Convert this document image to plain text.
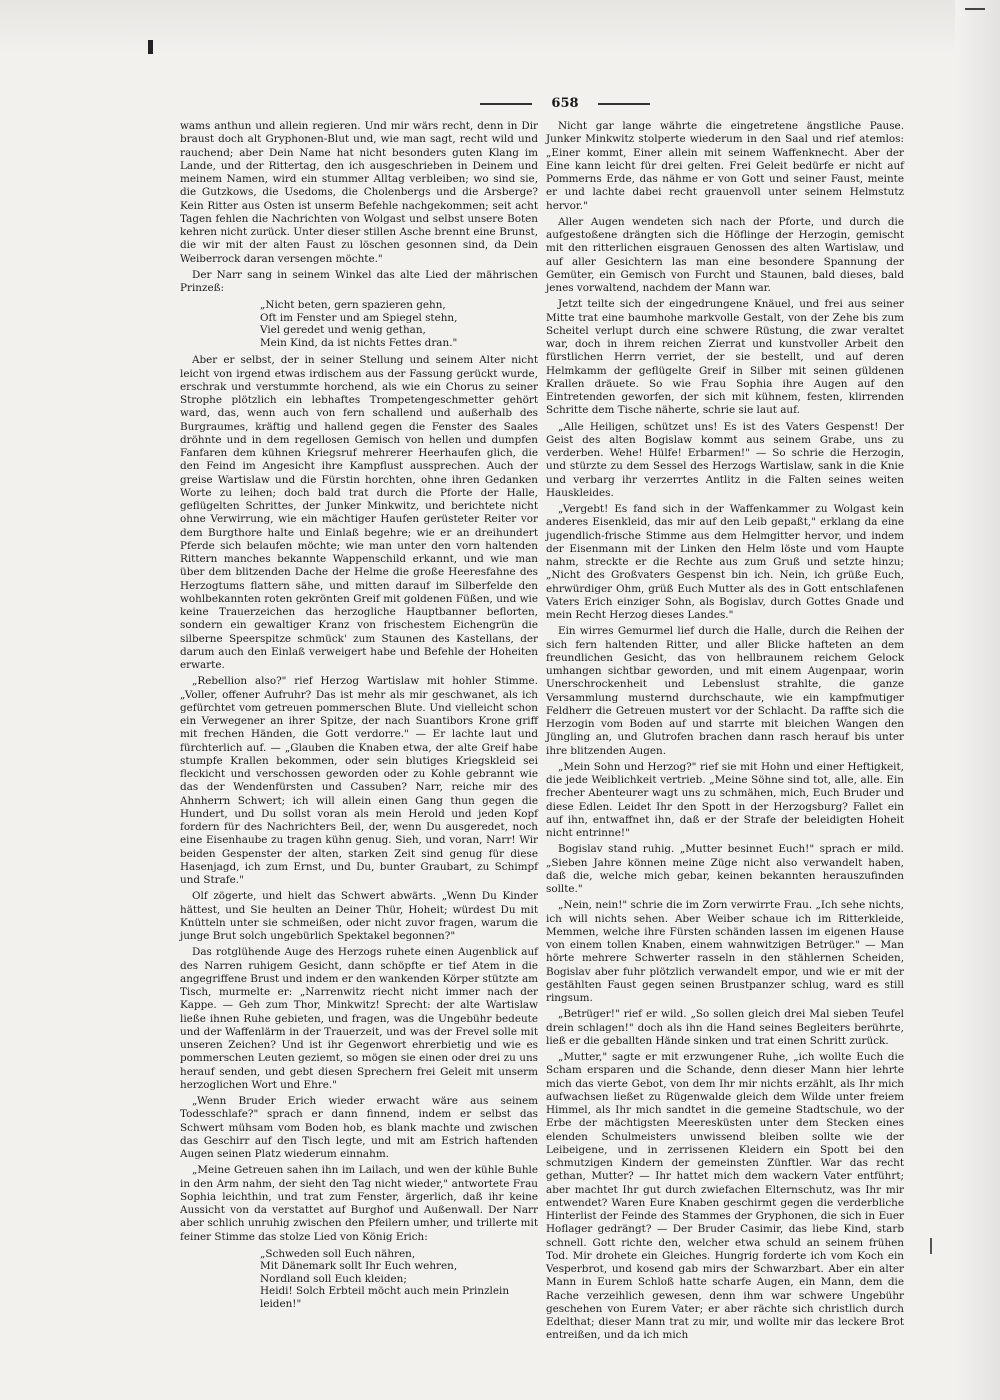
658

wams anthun und allein regieren. Und mir wärs recht, denn in Dir braust doch alt Gryphonen-Blut und, wie man sagt, recht wild und rauchend; aber Dein Name hat nicht besonders guten Klang im Lande, und der Rittertag, den ich ausgeschrieben in Deinem und meinem Namen, wird ein stummer Alltag verbleiben; wo sind sie, die Gutzkows, die Usedoms, die Cholenbergs und die Arsberge? Kein Ritter aus Osten ist unserm Befehle nachgekommen; seit acht Tagen fehlen die Nachrichten von Wolgast und selbst unsere Boten kehren nicht zurück. Unter dieser stillen Asche brennt eine Brunst, die wir mit der alten Faust zu löschen gesonnen sind, da Dein Weiberrock daran versengen möchte."

Der Narr sang in seinem Winkel das alte Lied der mährischen Prinzeß:

„Nicht beten, gern spazieren gehn,
Oft im Fenster und am Spiegel stehn,
Viel geredet und wenig gethan,
Mein Kind, da ist nichts Fettes dran."

Aber er selbst, der in seiner Stellung und seinem Alter nicht leicht von irgend etwas irdischem aus der Fassung gerückt wurde, erschrak und verstummte horchend, als wie ein Chorus zu seiner Strophe plötzlich ein lebhaftes Trompetengeschmetter gehört ward, das, wenn auch von fern schallend und außerhalb des Burgraumes, kräftig und hallend gegen die Fenster des Saales dröhnte und in dem regellosen Gemisch von hellen und dumpfen Fanfaren dem kühnen Kriegsruf mehrerer Heerhaufen glich, die den Feind im Angesicht ihre Kampflust aussprechen. Auch der greise Wartislaw und die Fürstin horchten, ohne ihren Gedanken Worte zu leihen; doch bald trat durch die Pforte der Halle, geflügelten Schrittes, der Junker Minkwitz, und berichtete nicht ohne Verwirrung, wie ein mächtiger Haufen gerüsteter Reiter vor dem Burgthore halte und Einlaß begehre; wie er an dreihundert Pferde sich belaufen möchte; wie man unter den vorn haltenden Rittern manches bekannte Wappenschild erkannt, und wie man über dem blitzenden Dache der Helme die große Heeresfahne des Herzogtums flattern sähe, und mitten darauf im Silberfelde den wohlbekannten roten gekrönten Greif mit goldenen Füßen, und wie keine Trauerzeichen das herzogliche Hauptbanner beflorten, sondern ein gewaltiger Kranz von frischestem Eichengrün die silberne Speerspitze schmück' zum Staunen des Kastellans, der darum auch den Einlaß verweigert habe und Befehle der Hoheiten erwarte.

„Rebellion also?" rief Herzog Wartislaw mit hohler Stimme. „Voller, offener Aufruhr? Das ist mehr als mir geschwanet, als ich gefürchtet vom getreuen pommerschen Blute. Und vielleicht schon ein Verwegener an ihrer Spitze, der nach Suantibors Krone griff mit frechen Händen, die Gott verdorre." — Er lachte laut und fürchterlich auf. — „Glauben die Knaben etwa, der alte Greif habe stumpfe Krallen bekommen, oder sein blutiges Kriegskleid sei fleckicht und verschossen geworden oder zu Kohle gebrannt wie das der Wendenfürsten und Cassuben? Narr, reiche mir des Ahnherrn Schwert; ich will allein einen Gang thun gegen die Hundert, und Du sollst voran als mein Herold und jeden Kopf fordern für des Nachrichters Beil, der, wenn Du ausgeredet, noch eine Eisenhaube zu tragen kühn genug. Sieh, und voran, Narr! Wir beiden Gespenster der alten, starken Zeit sind genug für diese Hasenjagd, ich zum Ernst, und Du, bunter Graubart, zu Schimpf und Strafe."

Olf zögerte, und hielt das Schwert abwärts. „Wenn Du Kinder hättest, und Sie heulten an Deiner Thür, Hoheit; würdest Du mit Knütteln unter sie schmeißen, oder nicht zuvor fragen, warum die junge Brut solch ungebürlich Spektakel begonnen?"

Das rotglühende Auge des Herzogs ruhete einen Augenblick auf des Narren ruhigem Gesicht, dann schöpfte er tief Atem in die angegriffene Brust und indem er den wankenden Körper stützte am Tisch, murmelte er: „Narrenwitz riecht nicht immer nach der Kappe. — Geh zum Thor, Minkwitz! Sprecht: der alte Wartislaw ließe ihnen Ruhe gebieten, und fragen, was die Ungebühr bedeute und der Waffenlärm in der Trauerzeit, und was der Frevel solle mit unseren Zeichen? Und ist ihr Gegenwort ehrerbietig und wie es pommerschen Leuten geziemt, so mögen sie einen oder drei zu uns herauf senden, und gebt diesen Sprechern frei Geleit mit unserm herzoglichen Wort und Ehre."

„Wenn Bruder Erich wieder erwacht wäre aus seinem Todesschlafe?" sprach er dann finnend, indem er selbst das Schwert mühsam vom Boden hob, es blank machte und zwischen das Geschirr auf den Tisch legte, und mit am Estrich haftenden Augen seinen Platz wiederum einnahm.

„Meine Getreuen sahen ihn im Lailach, und wen der kühle Buhle in den Arm nahm, der sieht den Tag nicht wieder," antwortete Frau Sophia leichthin, und trat zum Fenster, ärgerlich, daß ihr keine Aussicht von da verstattet auf Burghof und Außenwall. Der Narr aber schlich unruhig zwischen den Pfeilern umher, und trillerte mit feiner Stimme das stolze Lied von König Erich:

„Schweden soll Euch nähren,
Mit Dänemark sollt Ihr Euch wehren,
Nordland soll Euch kleiden;
Heidi! Solch Erbteil möcht auch mein Prinzlein leiden!"

Nicht gar lange währte die eingetretene ängstliche Pause. Junker Minkwitz stolperte wiederum in den Saal und rief atemlos: „Einer kommt, Einer allein mit seinem Waffenknecht. Aber der Eine kann leicht für drei gelten. Frei Geleit bedürfe er nicht auf Pommerns Erde, das nähme er von Gott und seiner Faust, meinte er und lachte dabei recht grauenvoll unter seinem Helmstutz hervor."

Aller Augen wendeten sich nach der Pforte, und durch die aufgestoßene drängten sich die Höflinge der Herzogin, gemischt mit den ritterlichen eisgrauen Genossen des alten Wartislaw, und auf aller Gesichtern las man eine besondere Spannung der Gemüter, ein Gemisch von Furcht und Staunen, bald dieses, bald jenes vorwaltend, nachdem der Mann war.

Jetzt teilte sich der eingedrungene Knäuel, und frei aus seiner Mitte trat eine baumhohe markvolle Gestalt, von der Zehe bis zum Scheitel verlupt durch eine schwere Rüstung, die zwar veraltet war, doch in ihrem reichen Zierrat und kunstvoller Arbeit den fürstlichen Herrn verriet, der sie bestellt, und auf deren Helmkamm der geflügelte Greif in Silber mit seinen güldenen Krallen dräuete. So wie Frau Sophia ihre Augen auf den Eintretenden geworfen, der sich mit kühnem, festen, klirrenden Schritte dem Tische näherte, schrie sie laut auf.

„Alle Heiligen, schützet uns! Es ist des Vaters Gespenst! Der Geist des alten Bogislaw kommt aus seinem Grabe, uns zu verderben. Wehe! Hülfe! Erbarmen!" — So schrie die Herzogin, und stürzte zu dem Sessel des Herzogs Wartislaw, sank in die Knie und verbarg ihr verzerrtes Antlitz in die Falten seines weiten Hauskleides.

„Vergebt! Es fand sich in der Waffenkammer zu Wolgast kein anderes Eisenkleid, das mir auf den Leib gepaßt," erklang da eine jugendlich-frische Stimme aus dem Helmgitter hervor, und indem der Eisenmann mit der Linken den Helm löste und vom Haupte nahm, streckte er die Rechte aus zum Gruß und setzte hinzu; „Nicht des Großvaters Gespenst bin ich. Nein, ich grüße Euch, ehrwürdiger Ohm, grüß Euch Mutter als des in Gott entschlafenen Vaters Erich einziger Sohn, als Bogislav, durch Gottes Gnade und mein Recht Herzog dieses Landes."

Ein wirres Gemurmel lief durch die Halle, durch die Reihen der sich fern haltenden Ritter, und aller Blicke hafteten an dem freundlichen Gesicht, das von hellbraunem reichem Gelock umhangen sichtbar geworden, und mit einem Augenpaar, worin Unerschrockenheit und Lebenslust strahlte, die ganze Versammlung musternd durchschaute, wie ein kampfmutiger Feldherr die Getreuen mustert vor der Schlacht. Da raffte sich die Herzogin vom Boden auf und starrte mit bleichen Wangen den Jüngling an, und Glutrofen brachen dann rasch herauf bis unter ihre blitzenden Augen.

„Mein Sohn und Herzog?" rief sie mit Hohn und einer Heftigkeit, die jede Weiblichkeit vertrieb. „Meine Söhne sind tot, alle, alle. Ein frecher Abenteurer wagt uns zu schmähen, mich, Euch Bruder und diese Edlen. Leidet Ihr den Spott in der Herzogsburg? Fallet ein auf ihn, entwaffnet ihn, daß er der Strafe der beleidigten Hoheit nicht entrinne!"

Bogislav stand ruhig. „Mutter besinnet Euch!" sprach er mild. „Sieben Jahre können meine Züge nicht also verwandelt haben, daß die, welche mich gebar, keinen bekannten herauszufinden sollte."

„Nein, nein!" schrie die im Zorn verwirrte Frau. „Ich sehe nichts, ich will nichts sehen. Aber Weiber schaue ich im Ritterkleide, Memmen, welche ihre Fürsten schänden lassen im eigenen Hause von einem tollen Knaben, einem wahnwitzigen Betrüger." — Man hörte mehrere Schwerter rasseln in den stählernen Scheiden, Bogislav aber fuhr plötzlich verwandelt empor, und wie er mit der gestählten Faust gegen seinen Brustpanzer schlug, ward es still ringsum.

„Betrüger!" rief er wild. „So sollen gleich drei Mal sieben Teufel drein schlagen!" doch als ihn die Hand seines Begleiters berührte, ließ er die geballten Hände sinken und trat einen Schritt zurück.

„Mutter," sagte er mit erzwungener Ruhe, „ich wollte Euch die Scham ersparen und die Schande, denn dieser Mann hier lehrte mich das vierte Gebot, von dem Ihr mir nichts erzählt, als Ihr mich aufwachsen ließet zu Rügenwalde gleich dem Wilde unter freiem Himmel, als Ihr mich sandtet in die gemeine Stadtschule, wo der Erbe der mächtigsten Meeresküsten unter dem Stecken eines elenden Schulmeisters unwissend bleiben sollte wie der Leibeigene, und in zerrissenen Kleidern ein Spott bei den schmutzigen Kindern der gemeinsten Zünftler. War das recht gethan, Mutter? — Ihr hattet mich dem wackern Vater entführt; aber machtet Ihr gut durch zwiefachen Elternschutz, was Ihr mir entwendet? Waren Eure Knaben geschirmt gegen die verderbliche Hinterlist der Feinde des Stammes der Gryphonen, die sich in Euer Hoflager gedrängt? — Der Bruder Casimir, das liebe Kind, starb schnell. Gott richte den, welcher etwa schuld an seinem frühen Tod. Mir drohete ein Gleiches. Hungrig forderte ich vom Koch ein Vesperbrot, und kosend gab mirs der Schwarzbart. Aber ein alter Mann in Eurem Schloß hatte scharfe Augen, ein Mann, dem die Rache verzeihlich gewesen, denn ihm war schwere Ungebühr geschehen von Eurem Vater; er aber rächte sich christlich durch Edelthat; dieser Mann trat zu mir, und wollte mir das leckere Brot entreißen, und da ich mich
